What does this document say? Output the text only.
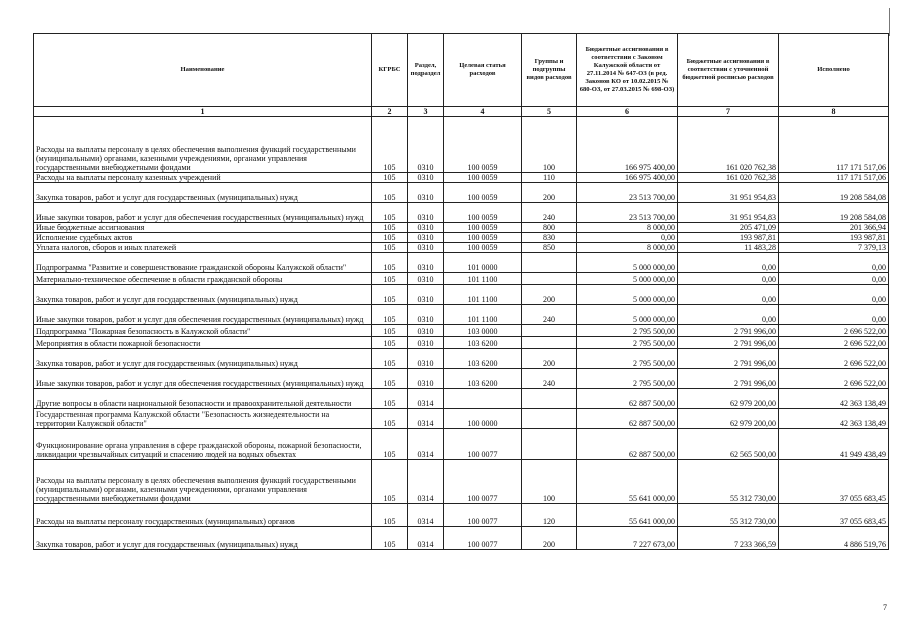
Наименование	КГРБС	Раздел, подраздел	Целевая статья расходов	Группы и подгруппы видов расходов	Бюджетные ассигнования в соответствии с Законом Калужской области от 27.11.2014 № 647-ОЗ (в ред. Законов КО от 10.02.2015 № 680-ОЗ, от 27.03.2015 № 698-ОЗ)	Бюджетные ассигнования в соответствии с уточненной бюджетной росписью расходов	Исполнено
1	2	3	4	5	6	7	8
Расходы на выплаты персоналу в целях обеспечения выполнения функций государственными (муниципальными) органами, казенными учреждениями, органами управления государственными внебюджетными фондами	105	0310	100 0059	100	166 975 400,00	161 020 762,38	117 171 517,06
Расходы на выплаты персоналу казенных учреждений	105	0310	100 0059	110	166 975 400,00	161 020 762,38	117 171 517,06
Закупка товаров, работ и услуг для государственных (муниципальных) нужд	105	0310	100 0059	200	23 513 700,00	31 951 954,83	19 208 584,08
Иные закупки товаров, работ и услуг для обеспечения государственных (муниципальных) нужд	105	0310	100 0059	240	23 513 700,00	31 951 954,83	19 208 584,08
Иные бюджетные ассигнования	105	0310	100 0059	800	8 000,00	205 471,09	201 366,94
Исполнение судебных актов	105	0310	100 0059	830	0,00	193 987,81	193 987,81
Уплата налогов, сборов и иных платежей	105	0310	100 0059	850	8 000,00	11 483,28	7 379,13
Подпрограмма "Развитие и совершенствование гражданской обороны Калужской области"	105	0310	101 0000		5 000 000,00	0,00	0,00
Материально-техническое обеспечение в области гражданской обороны	105	0310	101 1100		5 000 000,00	0,00	0,00
Закупка товаров, работ и услуг для государственных (муниципальных) нужд	105	0310	101 1100	200	5 000 000,00	0,00	0,00
Иные закупки товаров, работ и услуг для обеспечения государственных (муниципальных) нужд	105	0310	101 1100	240	5 000 000,00	0,00	0,00
Подпрограмма "Пожарная безопасность в Калужской области"	105	0310	103 0000		2 795 500,00	2 791 996,00	2 696 522,00
Мероприятия в области пожарной безопасности	105	0310	103 6200		2 795 500,00	2 791 996,00	2 696 522,00
Закупка товаров, работ и услуг для государственных (муниципальных) нужд	105	0310	103 6200	200	2 795 500,00	2 791 996,00	2 696 522,00
Иные закупки товаров, работ и услуг для обеспечения государственных (муниципальных) нужд	105	0310	103 6200	240	2 795 500,00	2 791 996,00	2 696 522,00
Другие вопросы в области национальной безопасности и правоохранительной деятельности	105	0314			62 887 500,00	62 979 200,00	42 363 138,49
Государственная программа Калужской области "Безопасность жизнедеятельности на территории Калужской области"	105	0314	100 0000		62 887 500,00	62 979 200,00	42 363 138,49
Функционирование органа управления в сфере гражданской обороны, пожарной безопасности, ликвидации чрезвычайных ситуаций и спасению людей на водных объектах	105	0314	100 0077		62 887 500,00	62 565 500,00	41 949 438,49
Расходы на выплаты персоналу в целях обеспечения выполнения функций государственными (муниципальными) органами, казенными учреждениями, органами управления государственными внебюджетными фондами	105	0314	100 0077	100	55 641 000,00	55 312 730,00	37 055 683,45
Расходы на выплаты персоналу государственных (муниципальных) органов	105	0314	100 0077	120	55 641 000,00	55 312 730,00	37 055 683,45
Закупка товаров, работ и услуг для государственных (муниципальных) нужд	105	0314	100 0077	200	7 227 673,00	7 233 366,59	4 886 519,76
7
